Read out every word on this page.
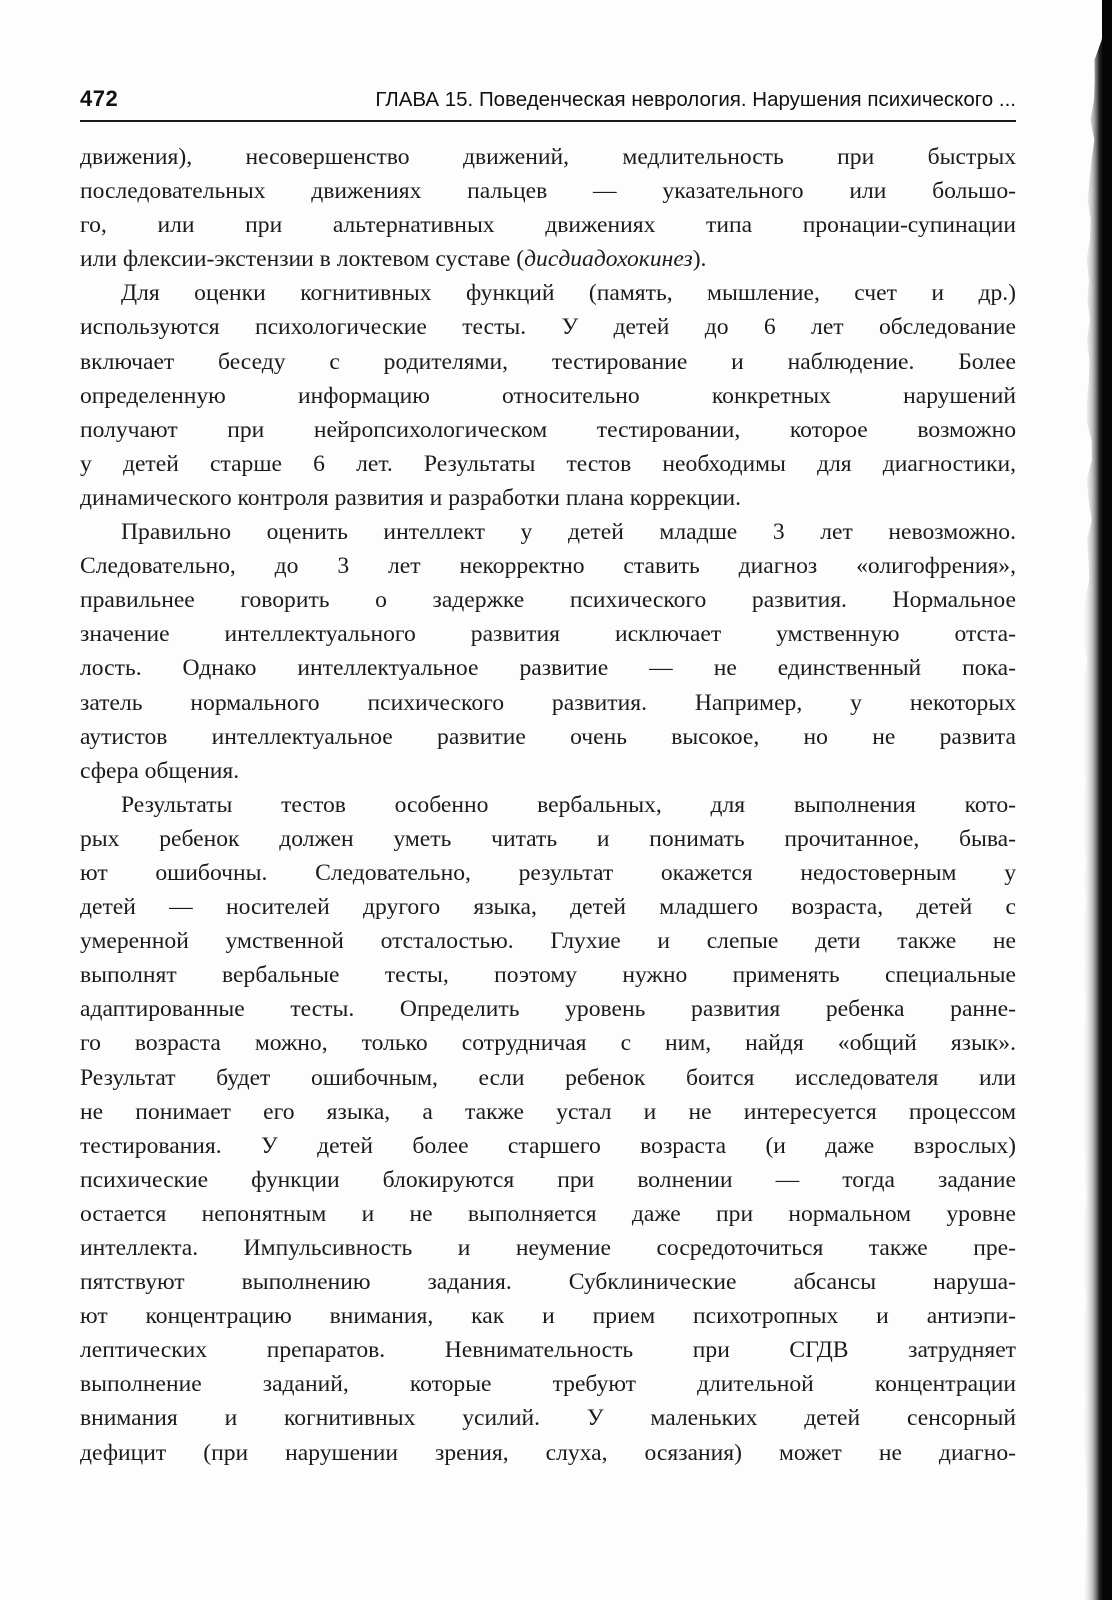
472	ГЛАВА 15. Поведенческая неврология. Нарушения психического ...
движения), несовершенство движений, медлительность при быстрых
последовательных движениях пальцев — указательного или большо-
го, или при альтернативных движениях типа пронации-супинации
или флексии-экстензии в локтевом суставе (дисдиадохокинез).
Для оценки когнитивных функций (память, мышление, счет и др.)
используются психологические тесты. У детей до 6 лет обследование
включает беседу с родителями, тестирование и наблюдение. Более
определенную информацию относительно конкретных нарушений
получают при нейропсихологическом тестировании, которое возможно
у детей старше 6 лет. Результаты тестов необходимы для диагностики,
динамического контроля развития и разработки плана коррекции.
Правильно оценить интеллект у детей младше 3 лет невозможно.
Следовательно, до 3 лет некорректно ставить диагноз «олигофрения»,
правильнее говорить о задержке психического развития. Нормальное
значение интеллектуального развития исключает умственную отста-
лость. Однако интеллектуальное развитие — не единственный пока-
затель нормального психического развития. Например, у некоторых
аутистов интеллектуальное развитие очень высокое, но не развита
сфера общения.
Результаты тестов особенно вербальных, для выполнения кото-
рых ребенок должен уметь читать и понимать прочитанное, быва-
ют ошибочны. Следовательно, результат окажется недостоверным у
детей — носителей другого языка, детей младшего возраста, детей с
умеренной умственной отсталостью. Глухие и слепые дети также не
выполнят вербальные тесты, поэтому нужно применять специальные
адаптированные тесты. Определить уровень развития ребенка ранне-
го возраста можно, только сотрудничая с ним, найдя «общий язык».
Результат будет ошибочным, если ребенок боится исследователя или
не понимает его языка, а также устал и не интересуется процессом
тестирования. У детей более старшего возраста (и даже взрослых)
психические функции блокируются при волнении — тогда задание
остается непонятным и не выполняется даже при нормальном уровне
интеллекта. Импульсивность и неумение сосредоточиться также пре-
пятствуют выполнению задания. Субклинические абсансы наруша-
ют концентрацию внимания, как и прием психотропных и антиэпи-
лептических препаратов. Невнимательность при СГДВ затрудняет
выполнение заданий, которые требуют длительной концентрации
внимания и когнитивных усилий. У маленьких детей сенсорный
дефицит (при нарушении зрения, слуха, осязания) может не диагно-
